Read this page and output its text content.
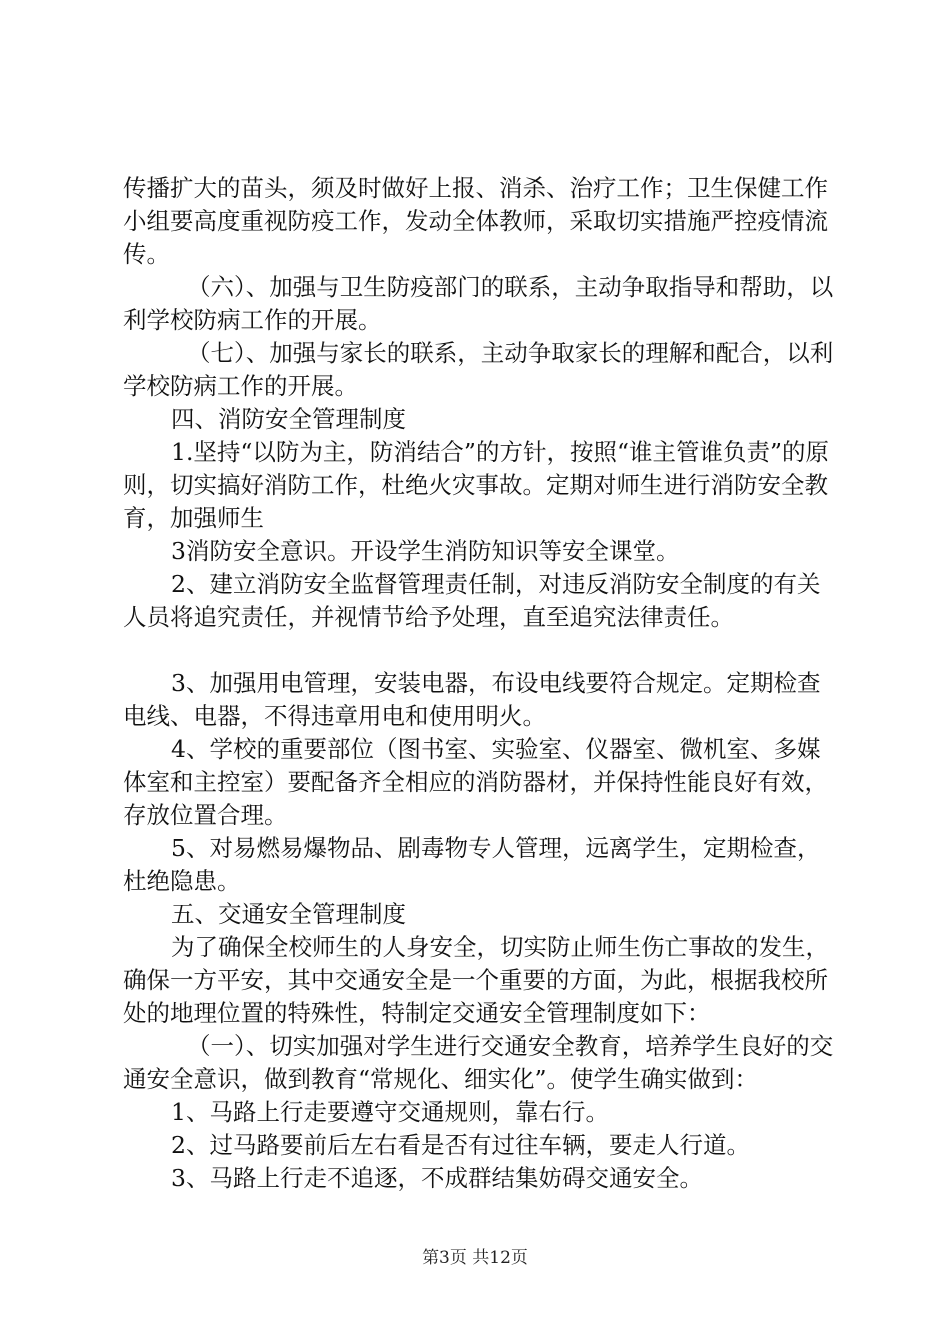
传播扩大的苗头，须及时做好上报、消杀、治疗工作；卫生保健工作小组要高度重视防疫工作，发动全体教师，采取切实措施严控疫情流传。

（六）、加强与卫生防疫部门的联系，主动争取指导和帮助，以利学校防病工作的开展。

（七）、加强与家长的联系，主动争取家长的理解和配合，以利学校防病工作的开展。

四、消防安全管理制度

1.坚持“以防为主，防消结合”的方针，按照“谁主管谁负责”的原则，切实搞好消防工作，杜绝火灾事故。定期对师生进行消防安全教育，加强师生

3消防安全意识。开设学生消防知识等安全课堂。

2、建立消防安全监督管理责任制，对违反消防安全制度的有关人员将追究责任，并视情节给予处理，直至追究法律责任。

3、加强用电管理，安装电器，布设电线要符合规定。定期检查电线、电器，不得违章用电和使用明火。

4、学校的重要部位（图书室、实验室、仪器室、微机室、多媒体室和主控室）要配备齐全相应的消防器材，并保持性能良好有效，存放位置合理。

5、对易燃易爆物品、剧毒物专人管理，远离学生，定期检查，杜绝隐患。

五、交通安全管理制度

为了确保全校师生的人身安全，切实防止师生伤亡事故的发生，确保一方平安，其中交通安全是一个重要的方面，为此，根据我校所处的地理位置的特殊性，特制定交通安全管理制度如下：

（一）、切实加强对学生进行交通安全教育，培养学生良好的交通安全意识，做到教育“常规化、细实化”。使学生确实做到：

1、马路上行走要遵守交通规则，靠右行。

2、过马路要前后左右看是否有过往车辆，要走人行道。

3、马路上行走不追逐，不成群结集妨碍交通安全。

第3页 共12页
